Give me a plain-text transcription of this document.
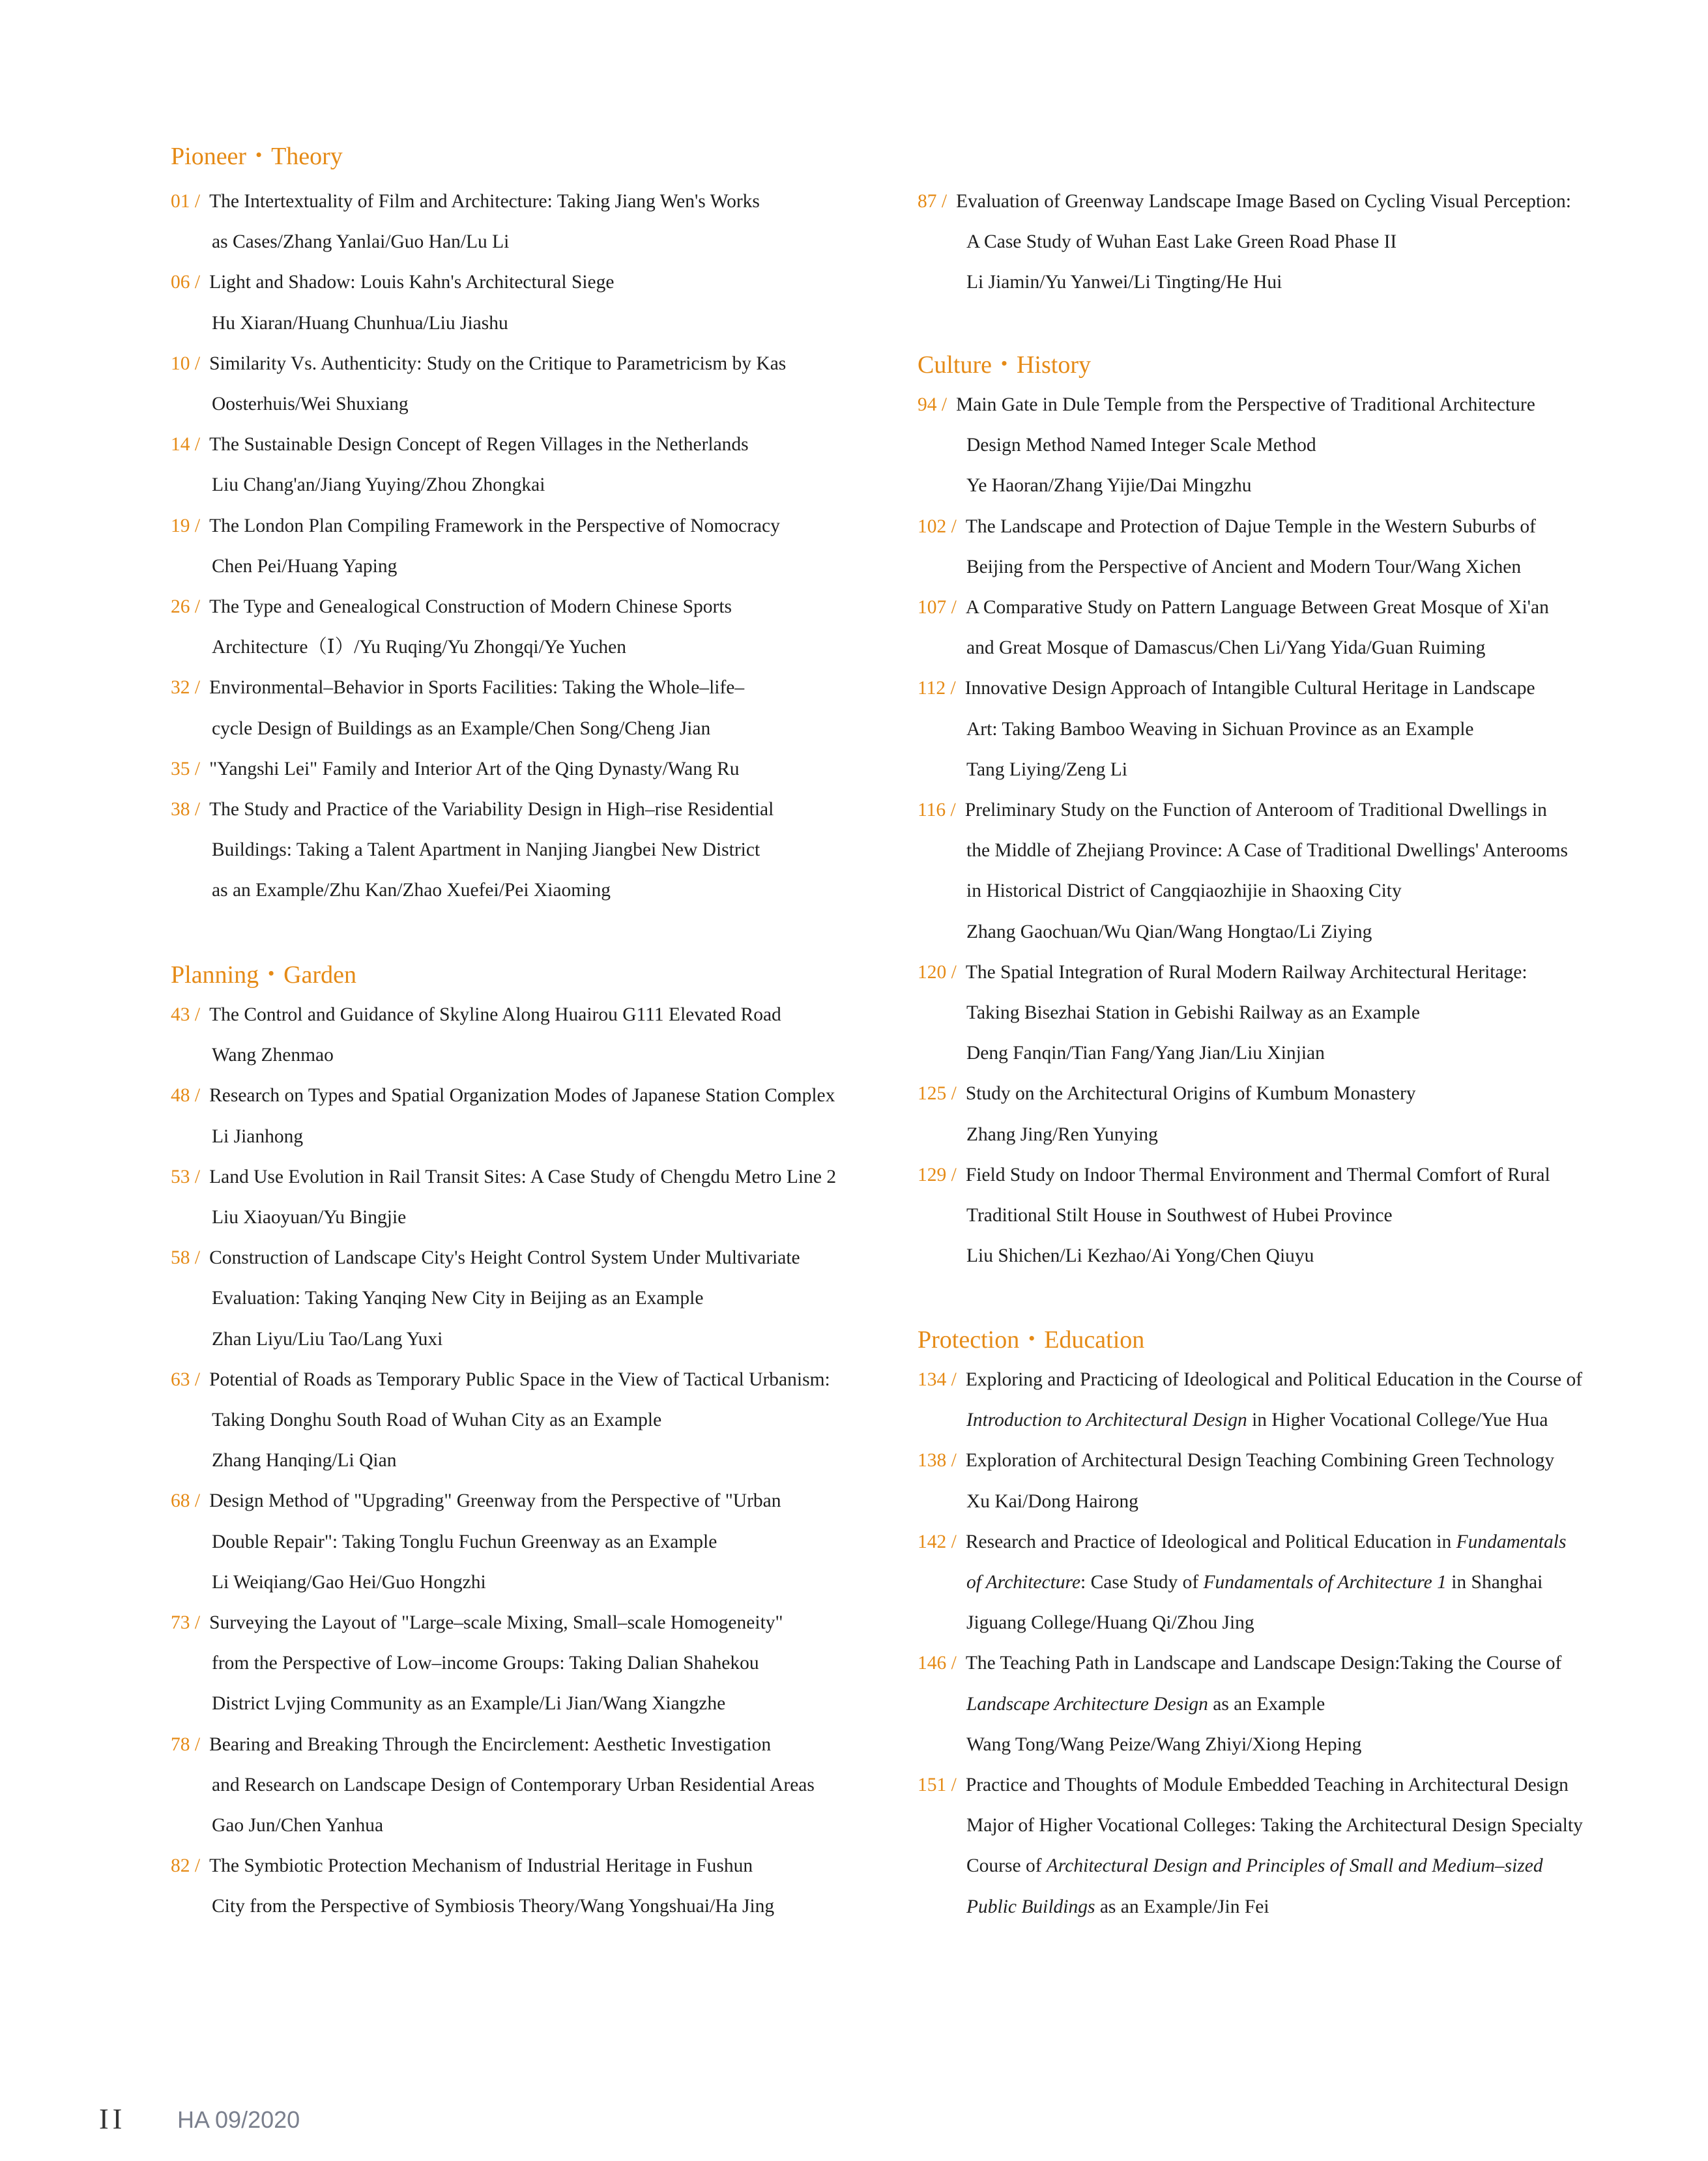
Pioneer・Theory

01 / The Intertextuality of Film and Architecture: Taking Jiang Wen's Works

as Cases/Zhang Yanlai/Guo Han/Lu Li

06 / Light and Shadow: Louis Kahn's Architectural Siege

Hu Xiaran/Huang Chunhua/Liu Jiashu

10 / Similarity Vs. Authenticity: Study on the Critique to Parametricism by Kas

Oosterhuis/Wei Shuxiang

14 / The Sustainable Design Concept of Regen Villages in the Netherlands

Liu Chang'an/Jiang Yuying/Zhou Zhongkai

19 / The London Plan Compiling Framework in the Perspective of Nomocracy

Chen Pei/Huang Yaping

26 / The Type and Genealogical Construction of Modern Chinese Sports

Architecture（Ⅰ）/Yu Ruqing/Yu Zhongqi/Ye Yuchen

32 / Environmental–Behavior in Sports Facilities: Taking the Whole–life–

cycle Design of Buildings as an Example/Chen Song/Cheng Jian

35 / "Yangshi Lei" Family and Interior Art of the Qing Dynasty/Wang Ru

38 / The Study and Practice of the Variability Design in High–rise Residential

Buildings: Taking a Talent Apartment in Nanjing Jiangbei New District

as an Example/Zhu Kan/Zhao Xuefei/Pei Xiaoming

Planning・Garden

43 / The Control and Guidance of Skyline Along Huairou G111 Elevated Road

Wang Zhenmao

48 / Research on Types and Spatial Organization Modes of Japanese Station Complex

Li Jianhong

53 / Land Use Evolution in Rail Transit Sites: A Case Study of Chengdu Metro Line 2

Liu Xiaoyuan/Yu Bingjie

58 / Construction of Landscape City's Height Control System Under Multivariate

Evaluation: Taking Yanqing New City in Beijing as an Example

Zhan Liyu/Liu Tao/Lang Yuxi

63 / Potential of Roads as Temporary Public Space in the View of Tactical Urbanism:

Taking Donghu South Road of Wuhan City as an Example

Zhang Hanqing/Li Qian

68 / Design Method of "Upgrading" Greenway from the Perspective of "Urban

Double Repair": Taking Tonglu Fuchun Greenway as an Example

Li Weiqiang/Gao Hei/Guo Hongzhi

73 / Surveying the Layout of "Large–scale Mixing, Small–scale Homogeneity"

from the Perspective of Low–income Groups: Taking Dalian Shahekou

District Lvjing Community as an Example/Li Jian/Wang Xiangzhe

78 / Bearing and Breaking Through the Encirclement: Aesthetic Investigation

and Research on Landscape Design of Contemporary Urban Residential Areas

Gao Jun/Chen Yanhua

82 / The Symbiotic Protection Mechanism of Industrial Heritage in Fushun

City from the Perspective of Symbiosis Theory/Wang Yongshuai/Ha Jing

87 / Evaluation of Greenway Landscape Image Based on Cycling Visual Perception:

A Case Study of Wuhan East Lake Green Road Phase II

Li Jiamin/Yu Yanwei/Li Tingting/He Hui

Culture・History

94 / Main Gate in Dule Temple from the Perspective of Traditional Architecture

Design Method Named Integer Scale Method

Ye Haoran/Zhang Yijie/Dai Mingzhu

102 / The Landscape and Protection of Dajue Temple in the Western Suburbs of

Beijing from the Perspective of Ancient and Modern Tour/Wang Xichen

107 / A Comparative Study on Pattern Language Between Great Mosque of Xi'an

and Great Mosque of Damascus/Chen Li/Yang Yida/Guan Ruiming

112 / Innovative Design Approach of Intangible Cultural Heritage in Landscape

Art: Taking Bamboo Weaving in Sichuan Province as an Example

Tang Liying/Zeng Li

116 / Preliminary Study on the Function of Anteroom of Traditional Dwellings in

the Middle of Zhejiang Province: A Case of Traditional Dwellings' Anterooms

in Historical District of Cangqiaozhijie in Shaoxing City

Zhang Gaochuan/Wu Qian/Wang Hongtao/Li Ziying

120 / The Spatial Integration of Rural Modern Railway Architectural Heritage:

Taking Bisezhai Station in Gebishi Railway as an Example

Deng Fanqin/Tian Fang/Yang Jian/Liu Xinjian

125 / Study on the Architectural Origins of Kumbum Monastery

Zhang Jing/Ren Yunying

129 / Field Study on Indoor Thermal Environment and Thermal Comfort of Rural

Traditional Stilt House in Southwest of Hubei Province

Liu Shichen/Li Kezhao/Ai Yong/Chen Qiuyu

Protection・Education

134 / Exploring and Practicing of Ideological and Political Education in the Course of

Introduction to Architectural Design in Higher Vocational College/Yue Hua

138 / Exploration of Architectural Design Teaching Combining Green Technology

Xu Kai/Dong Hairong

142 / Research and Practice of Ideological and Political Education in Fundamentals

of Architecture: Case Study of Fundamentals of Architecture 1 in Shanghai

Jiguang College/Huang Qi/Zhou Jing

146 / The Teaching Path in Landscape and Landscape Design:Taking the Course of

Landscape Architecture Design as an Example

Wang Tong/Wang Peize/Wang Zhiyi/Xiong Heping

151 / Practice and Thoughts of Module Embedded Teaching in Architectural Design

Major of Higher Vocational Colleges: Taking the Architectural Design Specialty

Course of Architectural Design and Principles of Small and Medium–sized

Public Buildings as an Example/Jin Fei

II HA 09/2020
